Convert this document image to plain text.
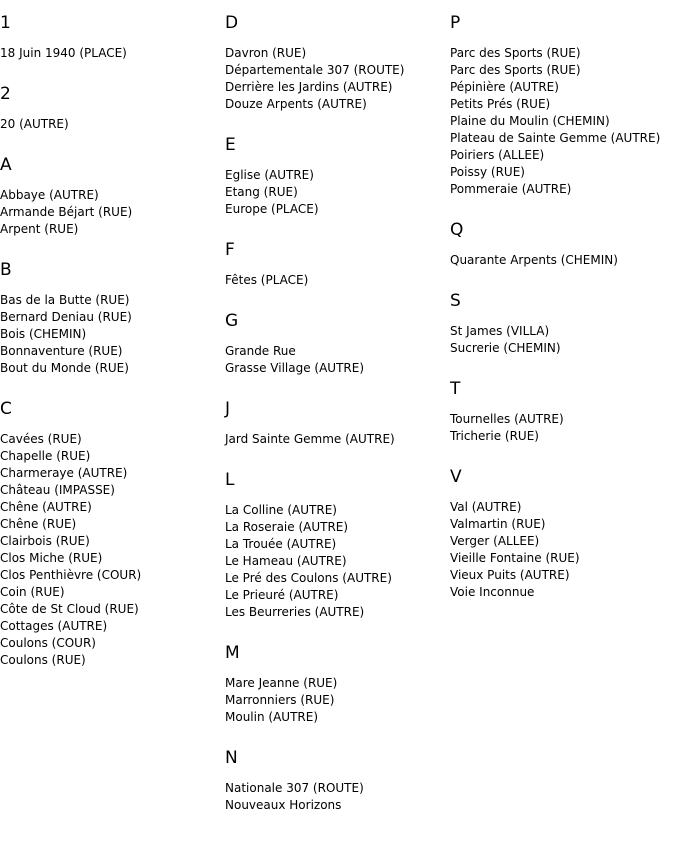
1
18 Juin 1940 (PLACE)
2
20 (AUTRE)
A
Abbaye (AUTRE)
Armande Béjart (RUE)
Arpent (RUE)
B
Bas de la Butte (RUE)
Bernard Deniau (RUE)
Bois (CHEMIN)
Bonnaventure (RUE)
Bout du Monde (RUE)
C
Cavées (RUE)
Chapelle (RUE)
Charmeraye (AUTRE)
Château (IMPASSE)
Chêne (AUTRE)
Chêne (RUE)
Clairbois (RUE)
Clos Miche (RUE)
Clos Penthièvre (COUR)
Coin (RUE)
Côte de St Cloud (RUE)
Cottages (AUTRE)
Coulons (COUR)
Coulons (RUE)
D
Davron (RUE)
Départementale 307 (ROUTE)
Derrière les Jardins (AUTRE)
Douze Arpents (AUTRE)
E
Eglise (AUTRE)
Etang (RUE)
Europe (PLACE)
F
Fêtes (PLACE)
G
Grande Rue
Grasse Village (AUTRE)
J
Jard Sainte Gemme (AUTRE)
L
La Colline (AUTRE)
La Roseraie (AUTRE)
La Trouée (AUTRE)
Le Hameau (AUTRE)
Le Pré des Coulons (AUTRE)
Le Prieuré (AUTRE)
Les Beurreries (AUTRE)
M
Mare Jeanne (RUE)
Marronniers (RUE)
Moulin (AUTRE)
N
Nationale 307 (ROUTE)
Nouveaux Horizons
P
Parc des Sports (RUE)
Parc des Sports (RUE)
Pépinière (AUTRE)
Petits Prés (RUE)
Plaine du Moulin (CHEMIN)
Plateau de Sainte Gemme (AUTRE)
Poiriers (ALLEE)
Poissy (RUE)
Pommeraie (AUTRE)
Q
Quarante Arpents (CHEMIN)
S
St James (VILLA)
Sucrerie (CHEMIN)
T
Tournelles (AUTRE)
Tricherie (RUE)
V
Val (AUTRE)
Valmartin (RUE)
Verger (ALLEE)
Vieille Fontaine (RUE)
Vieux Puits (AUTRE)
Voie Inconnue
